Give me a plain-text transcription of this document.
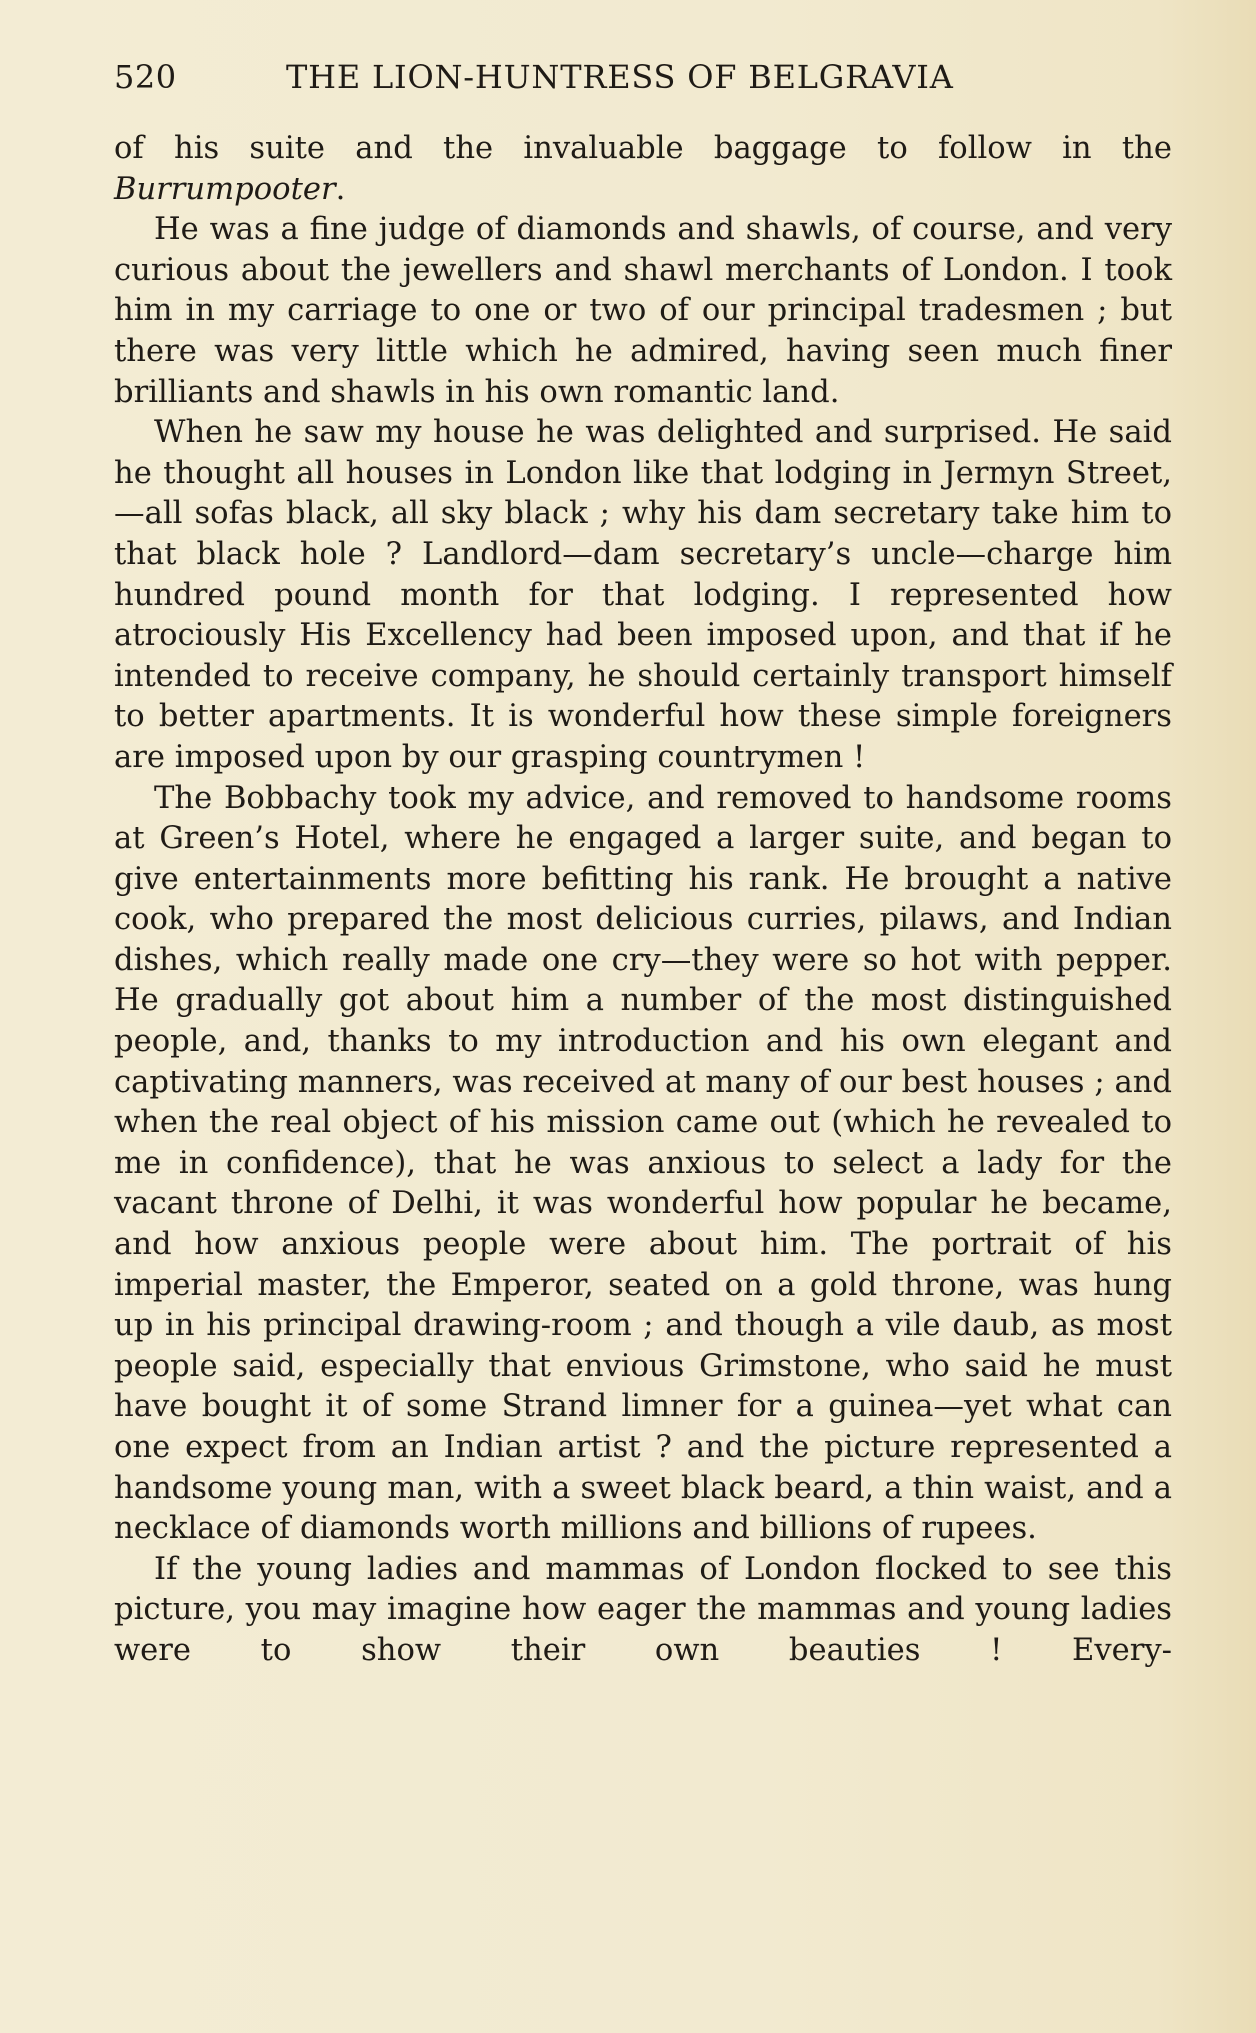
520	THE LION-HUNTRESS OF BELGRAVIA

of his suite and the invaluable baggage to follow in the Burrumpooter.

He was a fine judge of diamonds and shawls, of course, and very curious about the jewellers and shawl merchants of London. I took him in my carriage to one or two of our principal tradesmen ; but there was very little which he admired, having seen much finer brilliants and shawls in his own romantic land.

When he saw my house he was delighted and surprised. He said he thought all houses in London like that lodging in Jermyn Street,—all sofas black, all sky black ; why his dam secretary take him to that black hole ? Landlord—dam secretary’s uncle—charge him hundred pound month for that lodging. I represented how atrociously His Excellency had been imposed upon, and that if he intended to receive company, he should certainly transport himself to better apartments. It is wonderful how these simple foreigners are imposed upon by our grasping countrymen !

The Bobbachy took my advice, and removed to handsome rooms at Green’s Hotel, where he engaged a larger suite, and began to give entertainments more befitting his rank. He brought a native cook, who prepared the most delicious curries, pilaws, and Indian dishes, which really made one cry—they were so hot with pepper. He gradually got about him a number of the most distinguished people, and, thanks to my introduction and his own elegant and captivating manners, was received at many of our best houses ; and when the real object of his mission came out (which he revealed to me in confidence), that he was anxious to select a lady for the vacant throne of Delhi, it was wonderful how popular he became, and how anxious people were about him. The portrait of his imperial master, the Emperor, seated on a gold throne, was hung up in his principal drawing-room ; and though a vile daub, as most people said, especially that envious Grimstone, who said he must have bought it of some Strand limner for a guinea—yet what can one expect from an Indian artist ? and the picture represented a handsome young man, with a sweet black beard, a thin waist, and a necklace of diamonds worth millions and billions of rupees.

If the young ladies and mammas of London flocked to see this picture, you may imagine how eager the mammas and young ladies were to show their own beauties ! Every-
